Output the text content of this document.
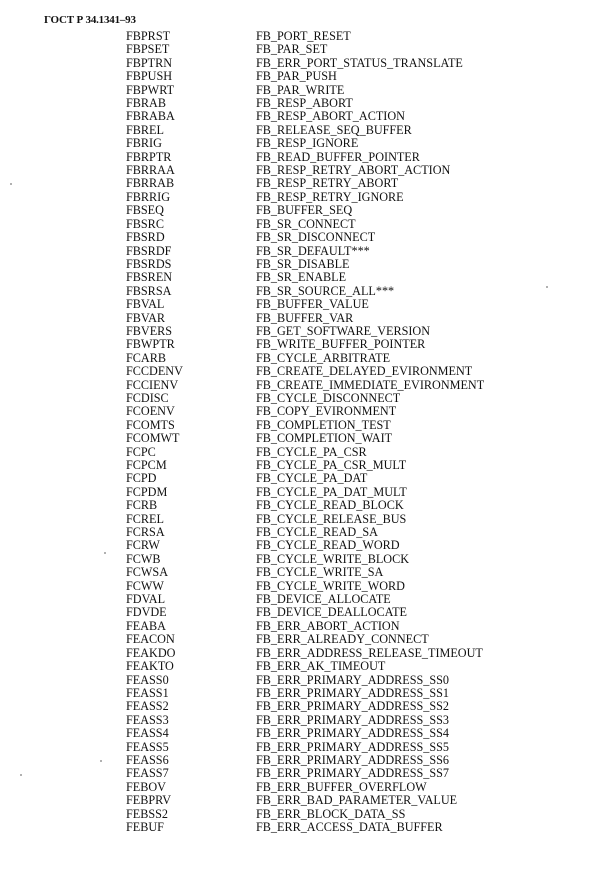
ГОСТ Р 34.1341–93
FBPRST	FB_PORT_RESET
FBPSET	FB_PAR_SET
FBPTRN	FB_ERR_PORT_STATUS_TRANSLATE
FBPUSH	FB_PAR_PUSH
FBPWRT	FB_PAR_WRITE
FBRAB	FB_RESP_ABORT
FBRABA	FB_RESP_ABORT_ACTION
FBREL	FB_RELEASE_SEQ_BUFFER
FBRIG	FB_RESP_IGNORE
FBRPTR	FB_READ_BUFFER_POINTER
FBRRAA	FB_RESP_RETRY_ABORT_ACTION
FBRRAB	FB_RESP_RETRY_ABORT
FBRRIG	FB_RESP_RETRY_IGNORE
FBSEQ	FB_BUFFER_SEQ
FBSRC	FB_SR_CONNECT
FBSRD	FB_SR_DISCONNECT
FBSRDF	FB_SR_DEFAULT***
FBSRDS	FB_SR_DISABLE
FBSREN	FB_SR_ENABLE
FBSRSA	FB_SR_SOURCE_ALL***
FBVAL	FB_BUFFER_VALUE
FBVAR	FB_BUFFER_VAR
FBVERS	FB_GET_SOFTWARE_VERSION
FBWPTR	FB_WRITE_BUFFER_POINTER
FCARB	FB_CYCLE_ARBITRATE
FCCDENV	FB_CREATE_DELAYED_EVIRONMENT
FCCIENV	FB_CREATE_IMMEDIATE_EVIRONMENT
FCDISC	FB_CYCLE_DISCONNECT
FCOENV	FB_COPY_EVIRONMENT
FCOMTS	FB_COMPLETION_TEST
FCOMWT	FB_COMPLETION_WAIT
FCPC	FB_CYCLE_PA_CSR
FCPCM	FB_CYCLE_PA_CSR_MULT
FCPD	FB_CYCLE_PA_DAT
FCPDM	FB_CYCLE_PA_DAT_MULT
FCRB	FB_CYCLE_READ_BLOCK
FCREL	FB_CYCLE_RELEASE_BUS
FCRSA	FB_CYCLE_READ_SA
FCRW	FB_CYCLE_READ_WORD
FCWB	FB_CYCLE_WRITE_BLOCK
FCWSA	FB_CYCLE_WRITE_SA
FCWW	FB_CYCLE_WRITE_WORD
FDVAL	FB_DEVICE_ALLOCATE
FDVDE	FB_DEVICE_DEALLOCATE
FEABA	FB_ERR_ABORT_ACTION
FEACON	FB_ERR_ALREADY_CONNECT
FEAKDO	FB_ERR_ADDRESS_RELEASE_TIMEOUT
FEAKTO	FB_ERR_AK_TIMEOUT
FEASS0	FB_ERR_PRIMARY_ADDRESS_SS0
FEASS1	FB_ERR_PRIMARY_ADDRESS_SS1
FEASS2	FB_ERR_PRIMARY_ADDRESS_SS2
FEASS3	FB_ERR_PRIMARY_ADDRESS_SS3
FEASS4	FB_ERR_PRIMARY_ADDRESS_SS4
FEASS5	FB_ERR_PRIMARY_ADDRESS_SS5
FEASS6	FB_ERR_PRIMARY_ADDRESS_SS6
FEASS7	FB_ERR_PRIMARY_ADDRESS_SS7
FEBOV	FB_ERR_BUFFER_OVERFLOW
FEBPRV	FB_ERR_BAD_PARAMETER_VALUE
FEBSS2	FB_ERR_BLOCK_DATA_SS
FEBUF	FB_ERR_ACCESS_DATA_BUFFER
